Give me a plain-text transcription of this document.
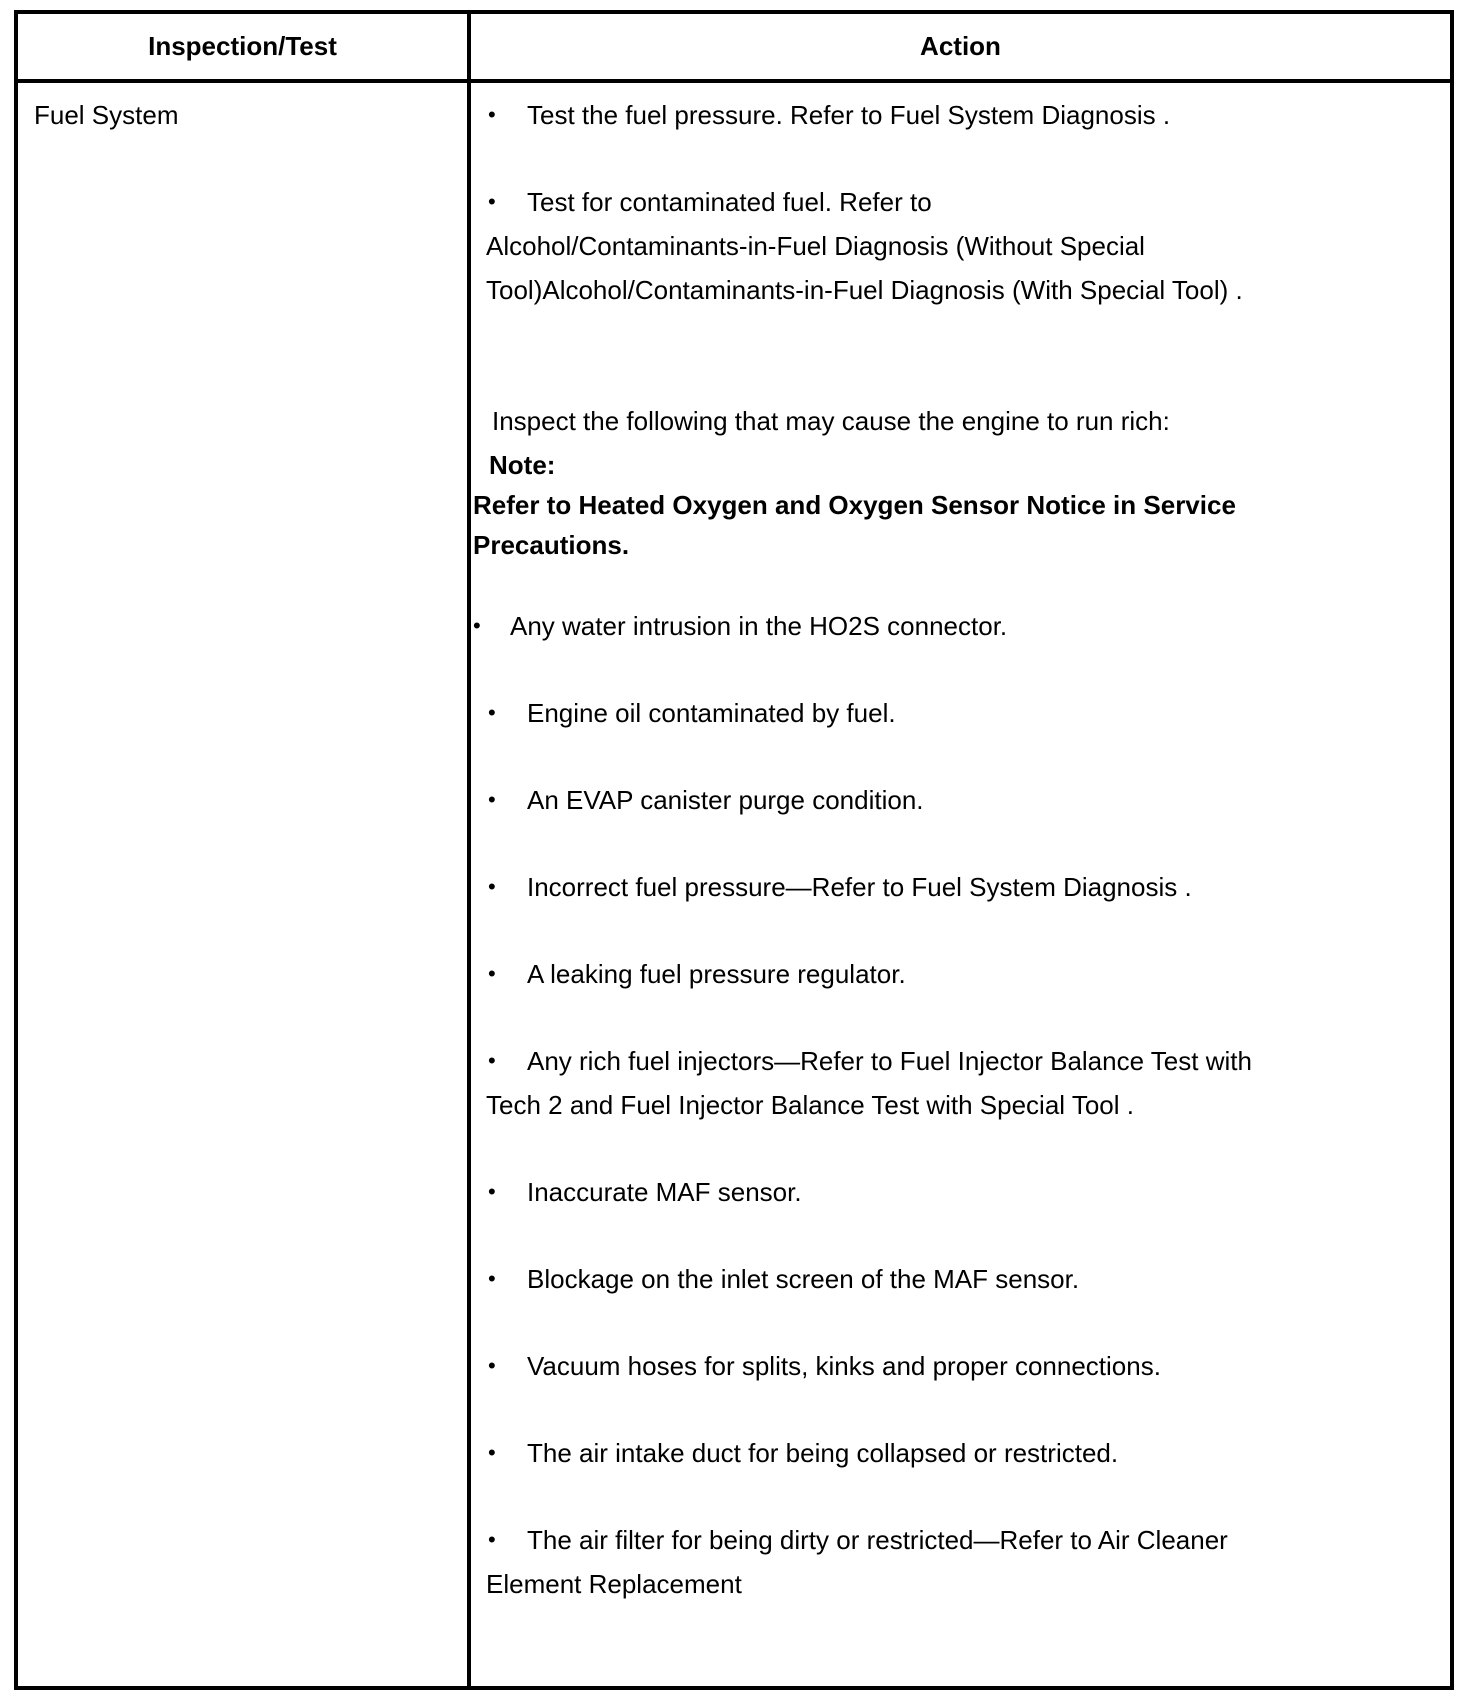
Inspection/Test	Action
Fuel System	• Test the fuel pressure. Refer to Fuel System Diagnosis .
• Test for contaminated fuel. Refer to
Alcohol/Contaminants-in-Fuel Diagnosis (Without Special
Tool)Alcohol/Contaminants-in-Fuel Diagnosis (With Special Tool) .
Inspect the following that may cause the engine to run rich:
Note:
Refer to Heated Oxygen and Oxygen Sensor Notice in Service
Precautions.
• Any water intrusion in the HO2S connector.
• Engine oil contaminated by fuel.
• An EVAP canister purge condition.
• Incorrect fuel pressure—Refer to Fuel System Diagnosis .
• A leaking fuel pressure regulator.
• Any rich fuel injectors—Refer to Fuel Injector Balance Test with
Tech 2 and Fuel Injector Balance Test with Special Tool .
• Inaccurate MAF sensor.
• Blockage on the inlet screen of the MAF sensor.
• Vacuum hoses for splits, kinks and proper connections.
• The air intake duct for being collapsed or restricted.
• The air filter for being dirty or restricted—Refer to Air Cleaner
Element Replacement
